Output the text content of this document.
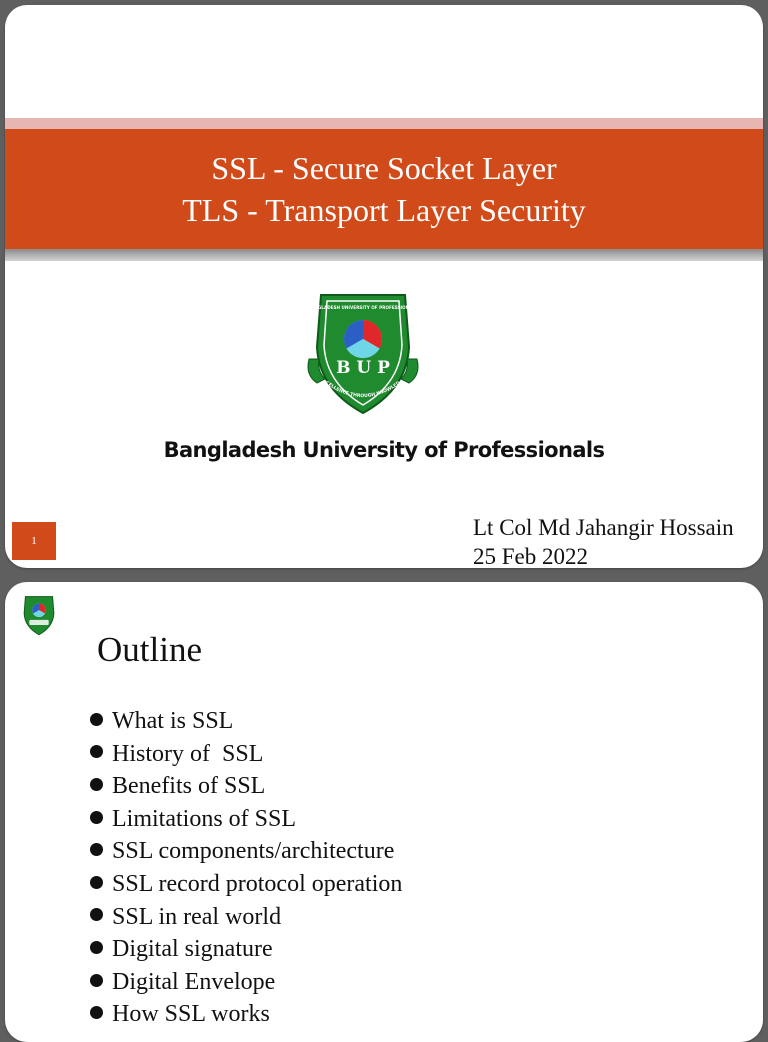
SSL - Secure Socket Layer
TLS - Transport Layer Security
BANGLADESH UNIVERSITY OF PROFESSIONALS
B U P
CELLENCE THROUGH KNOWLED
Bangladesh University of Professionals
1
Lt Col Md Jahangir Hossain
25 Feb 2022
Outline
What is SSL
History of  SSL
Benefits of SSL
Limitations of SSL
SSL components/architecture
SSL record protocol operation
SSL in real world
Digital signature
Digital Envelope
How SSL works
